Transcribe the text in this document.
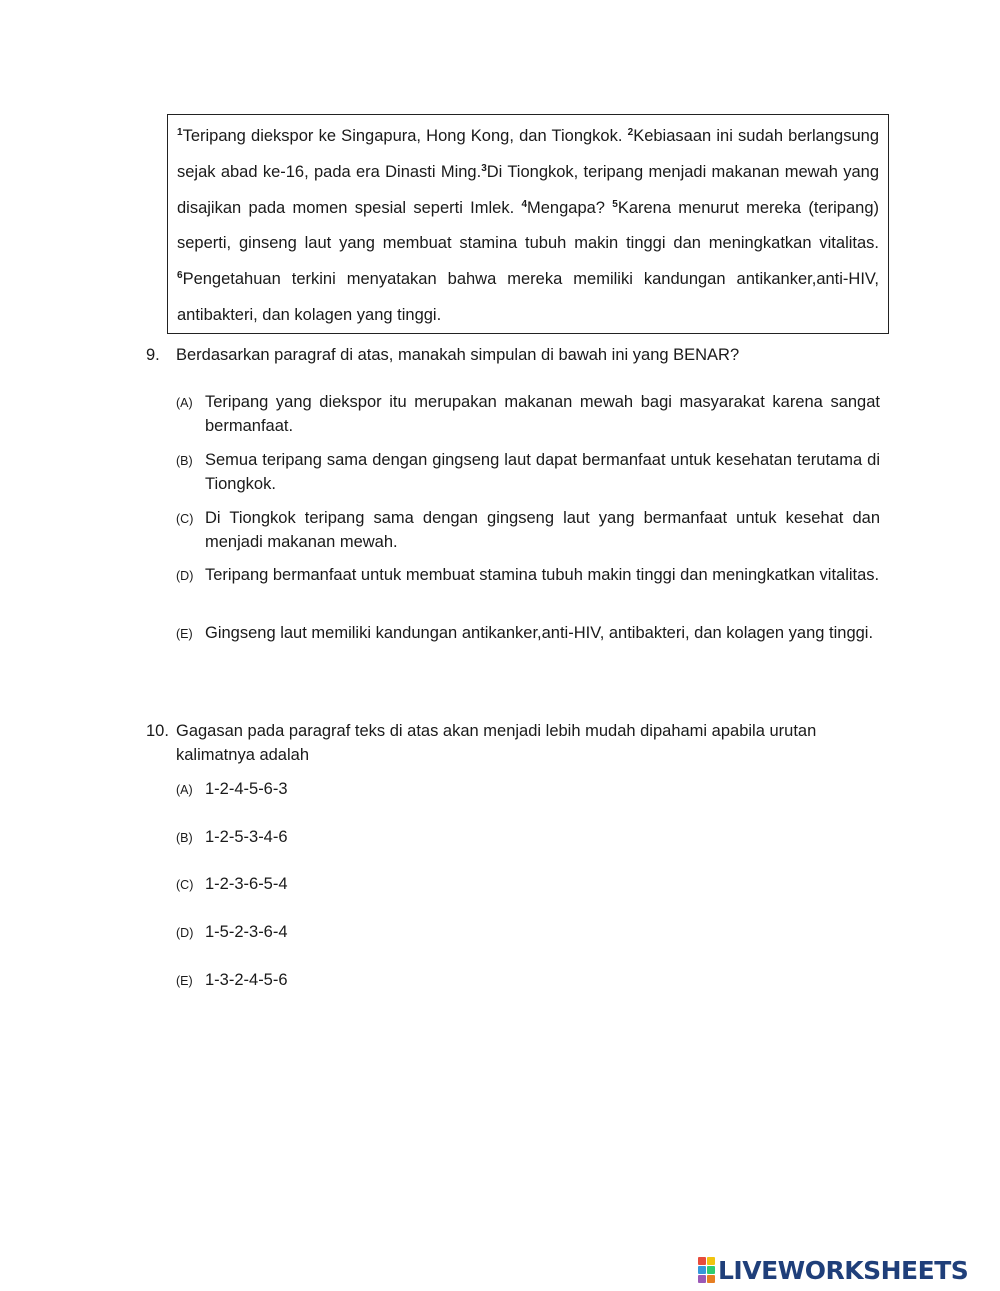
$^1$Teripang diekspor ke Singapura, Hong Kong, dan Tiongkok. $^2$Kebiasaan ini sudah berlangsung sejak abad ke-16, pada era Dinasti Ming.$^3$Di Tiongkok, teripang menjadi makanan mewah yang disajikan pada momen spesial seperti Imlek. $^4$Mengapa? $^5$Karena menurut mereka (teripang) seperti, ginseng laut yang membuat stamina tubuh makin tinggi dan meningkatkan vitalitas. $^6$Pengetahuan terkini menyatakan bahwa mereka memiliki kandungan antikanker,anti-HIV, antibakteri, dan kolagen yang tinggi.
9. Berdasarkan paragraf di atas, manakah simpulan di bawah ini yang BENAR?
(A) Teripang yang diekspor itu merupakan makanan mewah bagi masyarakat karena sangat bermanfaat.
(B) Semua teripang sama dengan gingseng laut dapat bermanfaat untuk kesehatan terutama di Tiongkok.
(C) Di Tiongkok teripang sama dengan gingseng laut yang bermanfaat untuk kesehat dan menjadi makanan mewah.
(D) Teripang bermanfaat untuk membuat stamina tubuh makin tinggi dan meningkatkan vitalitas.
(E) Gingseng laut memiliki kandungan antikanker,anti-HIV, antibakteri, dan kolagen yang tinggi.
10. Gagasan pada paragraf teks di atas akan menjadi lebih mudah dipahami apabila urutan kalimatnya adalah
(A) 1-2-4-5-6-3
(B) 1-2-5-3-4-6
(C) 1-2-3-6-5-4
(D) 1-5-2-3-6-4
(E) 1-3-2-4-5-6
LIVEWORKSHEETS
